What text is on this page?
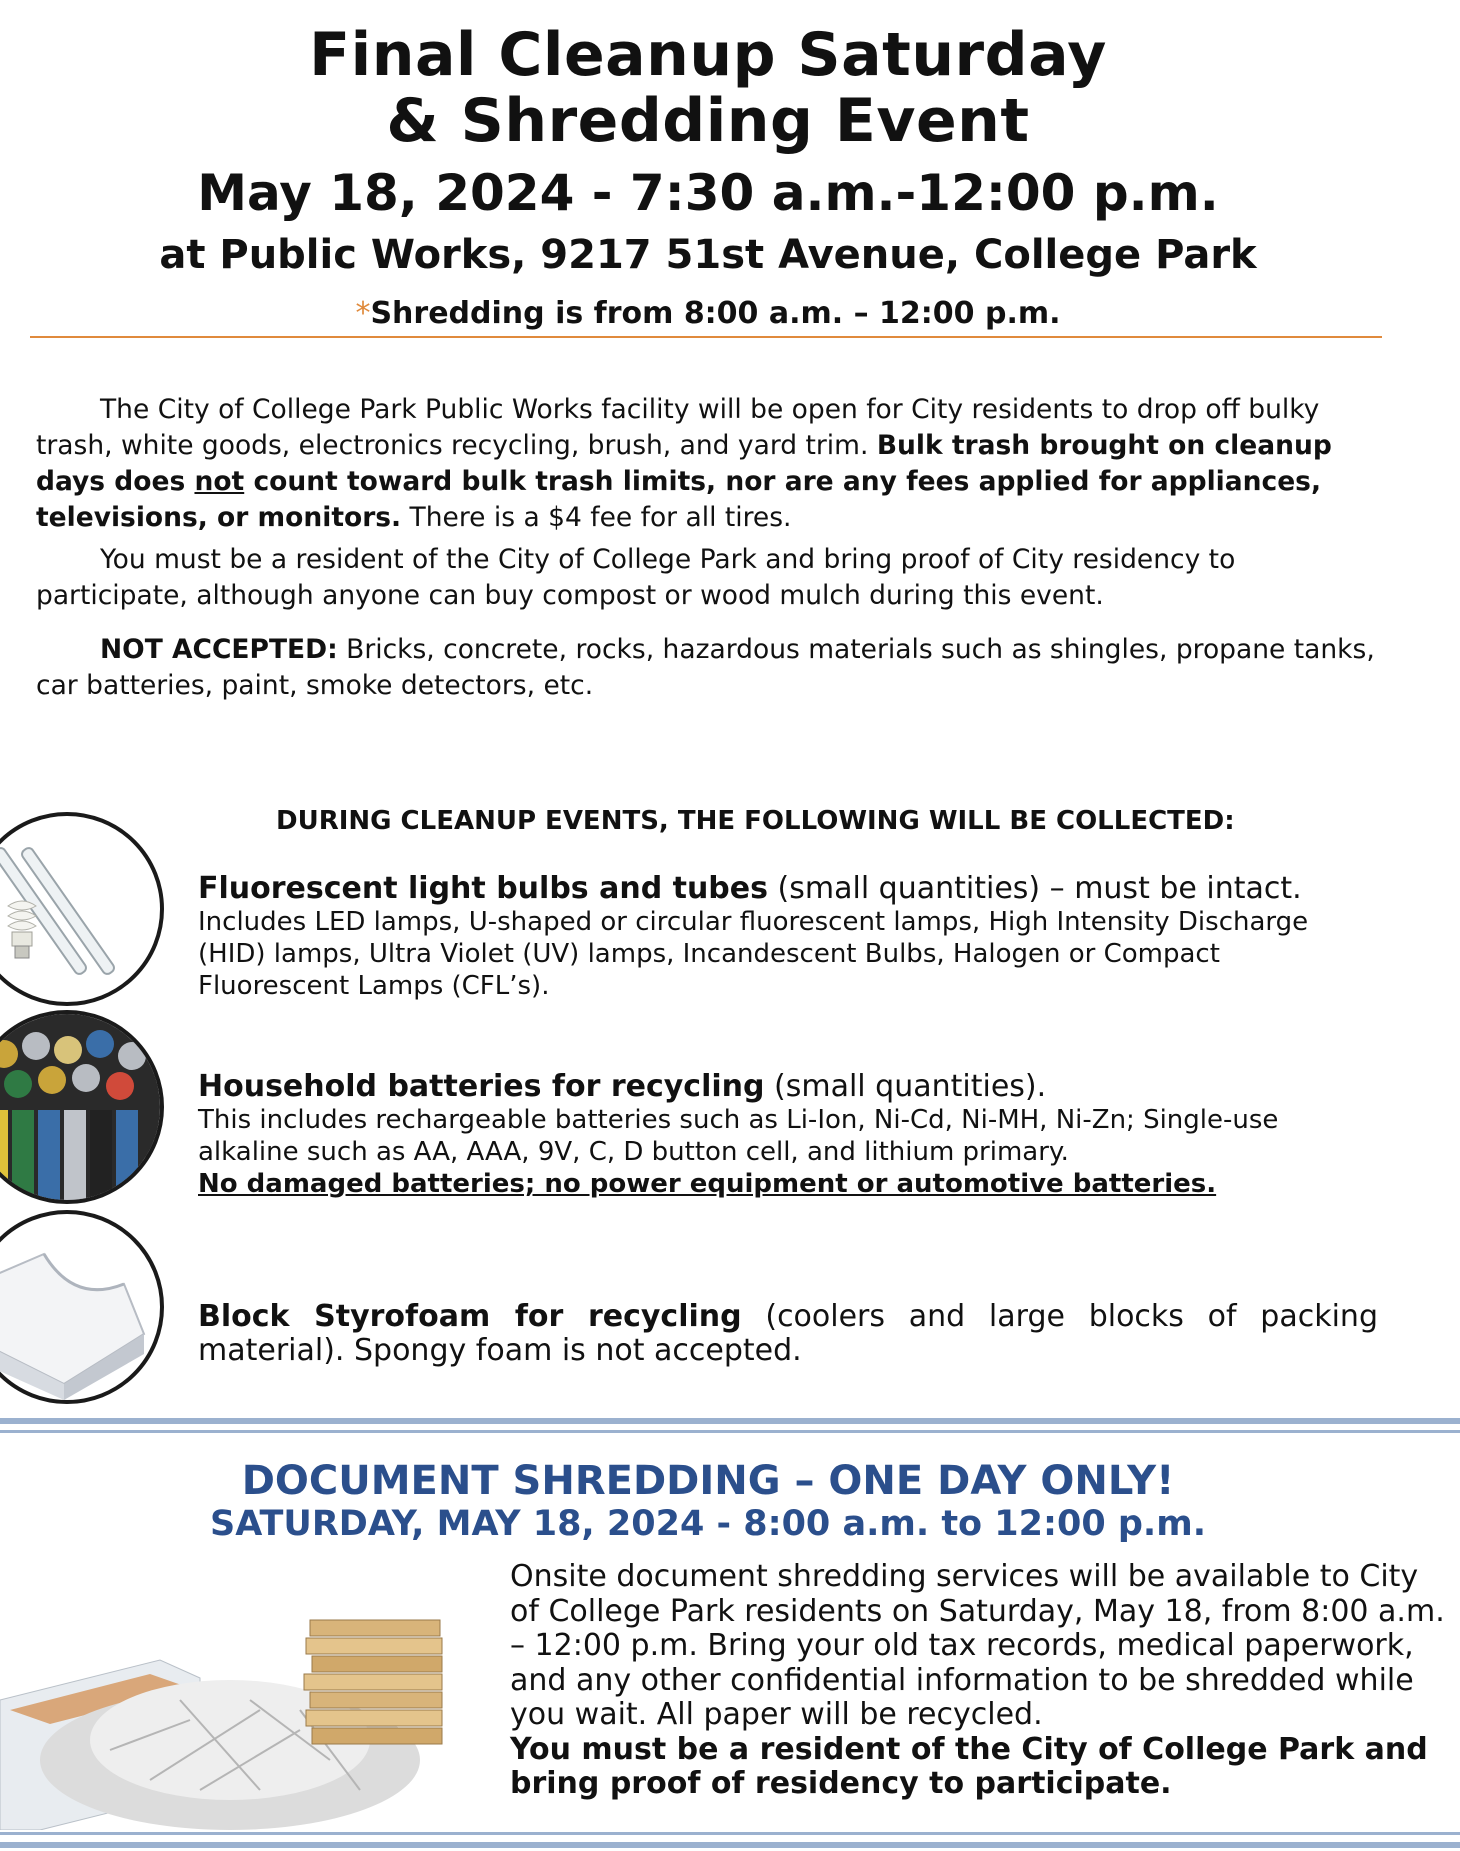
Final Cleanup Saturday
& Shredding Event
May 18, 2024 - 7:30 a.m.-12:00 p.m.
at Public Works, 9217 51st Avenue, College Park
*Shredding is from 8:00 a.m. – 12:00 p.m.
The City of College Park Public Works facility will be open for City residents to drop off bulky trash, white goods, electronics recycling, brush, and yard trim. Bulk trash brought on cleanup days does not count toward bulk trash limits, nor are any fees applied for appliances, televisions, or monitors. There is a $4 fee for all tires.
You must be a resident of the City of College Park and bring proof of City residency to participate, although anyone can buy compost or wood mulch during this event.
NOT ACCEPTED: Bricks, concrete, rocks, hazardous materials such as shingles, propane tanks, car batteries, paint, smoke detectors, etc.
DURING CLEANUP EVENTS, THE FOLLOWING WILL BE COLLECTED:
Fluorescent light bulbs and tubes (small quantities) – must be intact.
Includes LED lamps, U-shaped or circular fluorescent lamps, High Intensity Discharge (HID) lamps, Ultra Violet (UV) lamps, Incandescent Bulbs, Halogen or Compact Fluorescent Lamps (CFL’s).
Household batteries for recycling (small quantities).
This includes rechargeable batteries such as Li-Ion, Ni-Cd, Ni-MH, Ni-Zn; Single-use alkaline such as AA, AAA, 9V, C, D button cell, and lithium primary.
No damaged batteries; no power equipment or automotive batteries.
Block Styrofoam for recycling (coolers and large blocks of packing material). Spongy foam is not accepted.
DOCUMENT SHREDDING – ONE DAY ONLY!
SATURDAY, MAY 18, 2024 - 8:00 a.m. to 12:00 p.m.
Onsite document shredding services will be available to City of College Park residents on Saturday, May 18, from 8:00 a.m. – 12:00 p.m. Bring your old tax records, medical paperwork, and any other confidential information to be shredded while you wait. All paper will be recycled.
You must be a resident of the City of College Park and bring proof of residency to participate.
